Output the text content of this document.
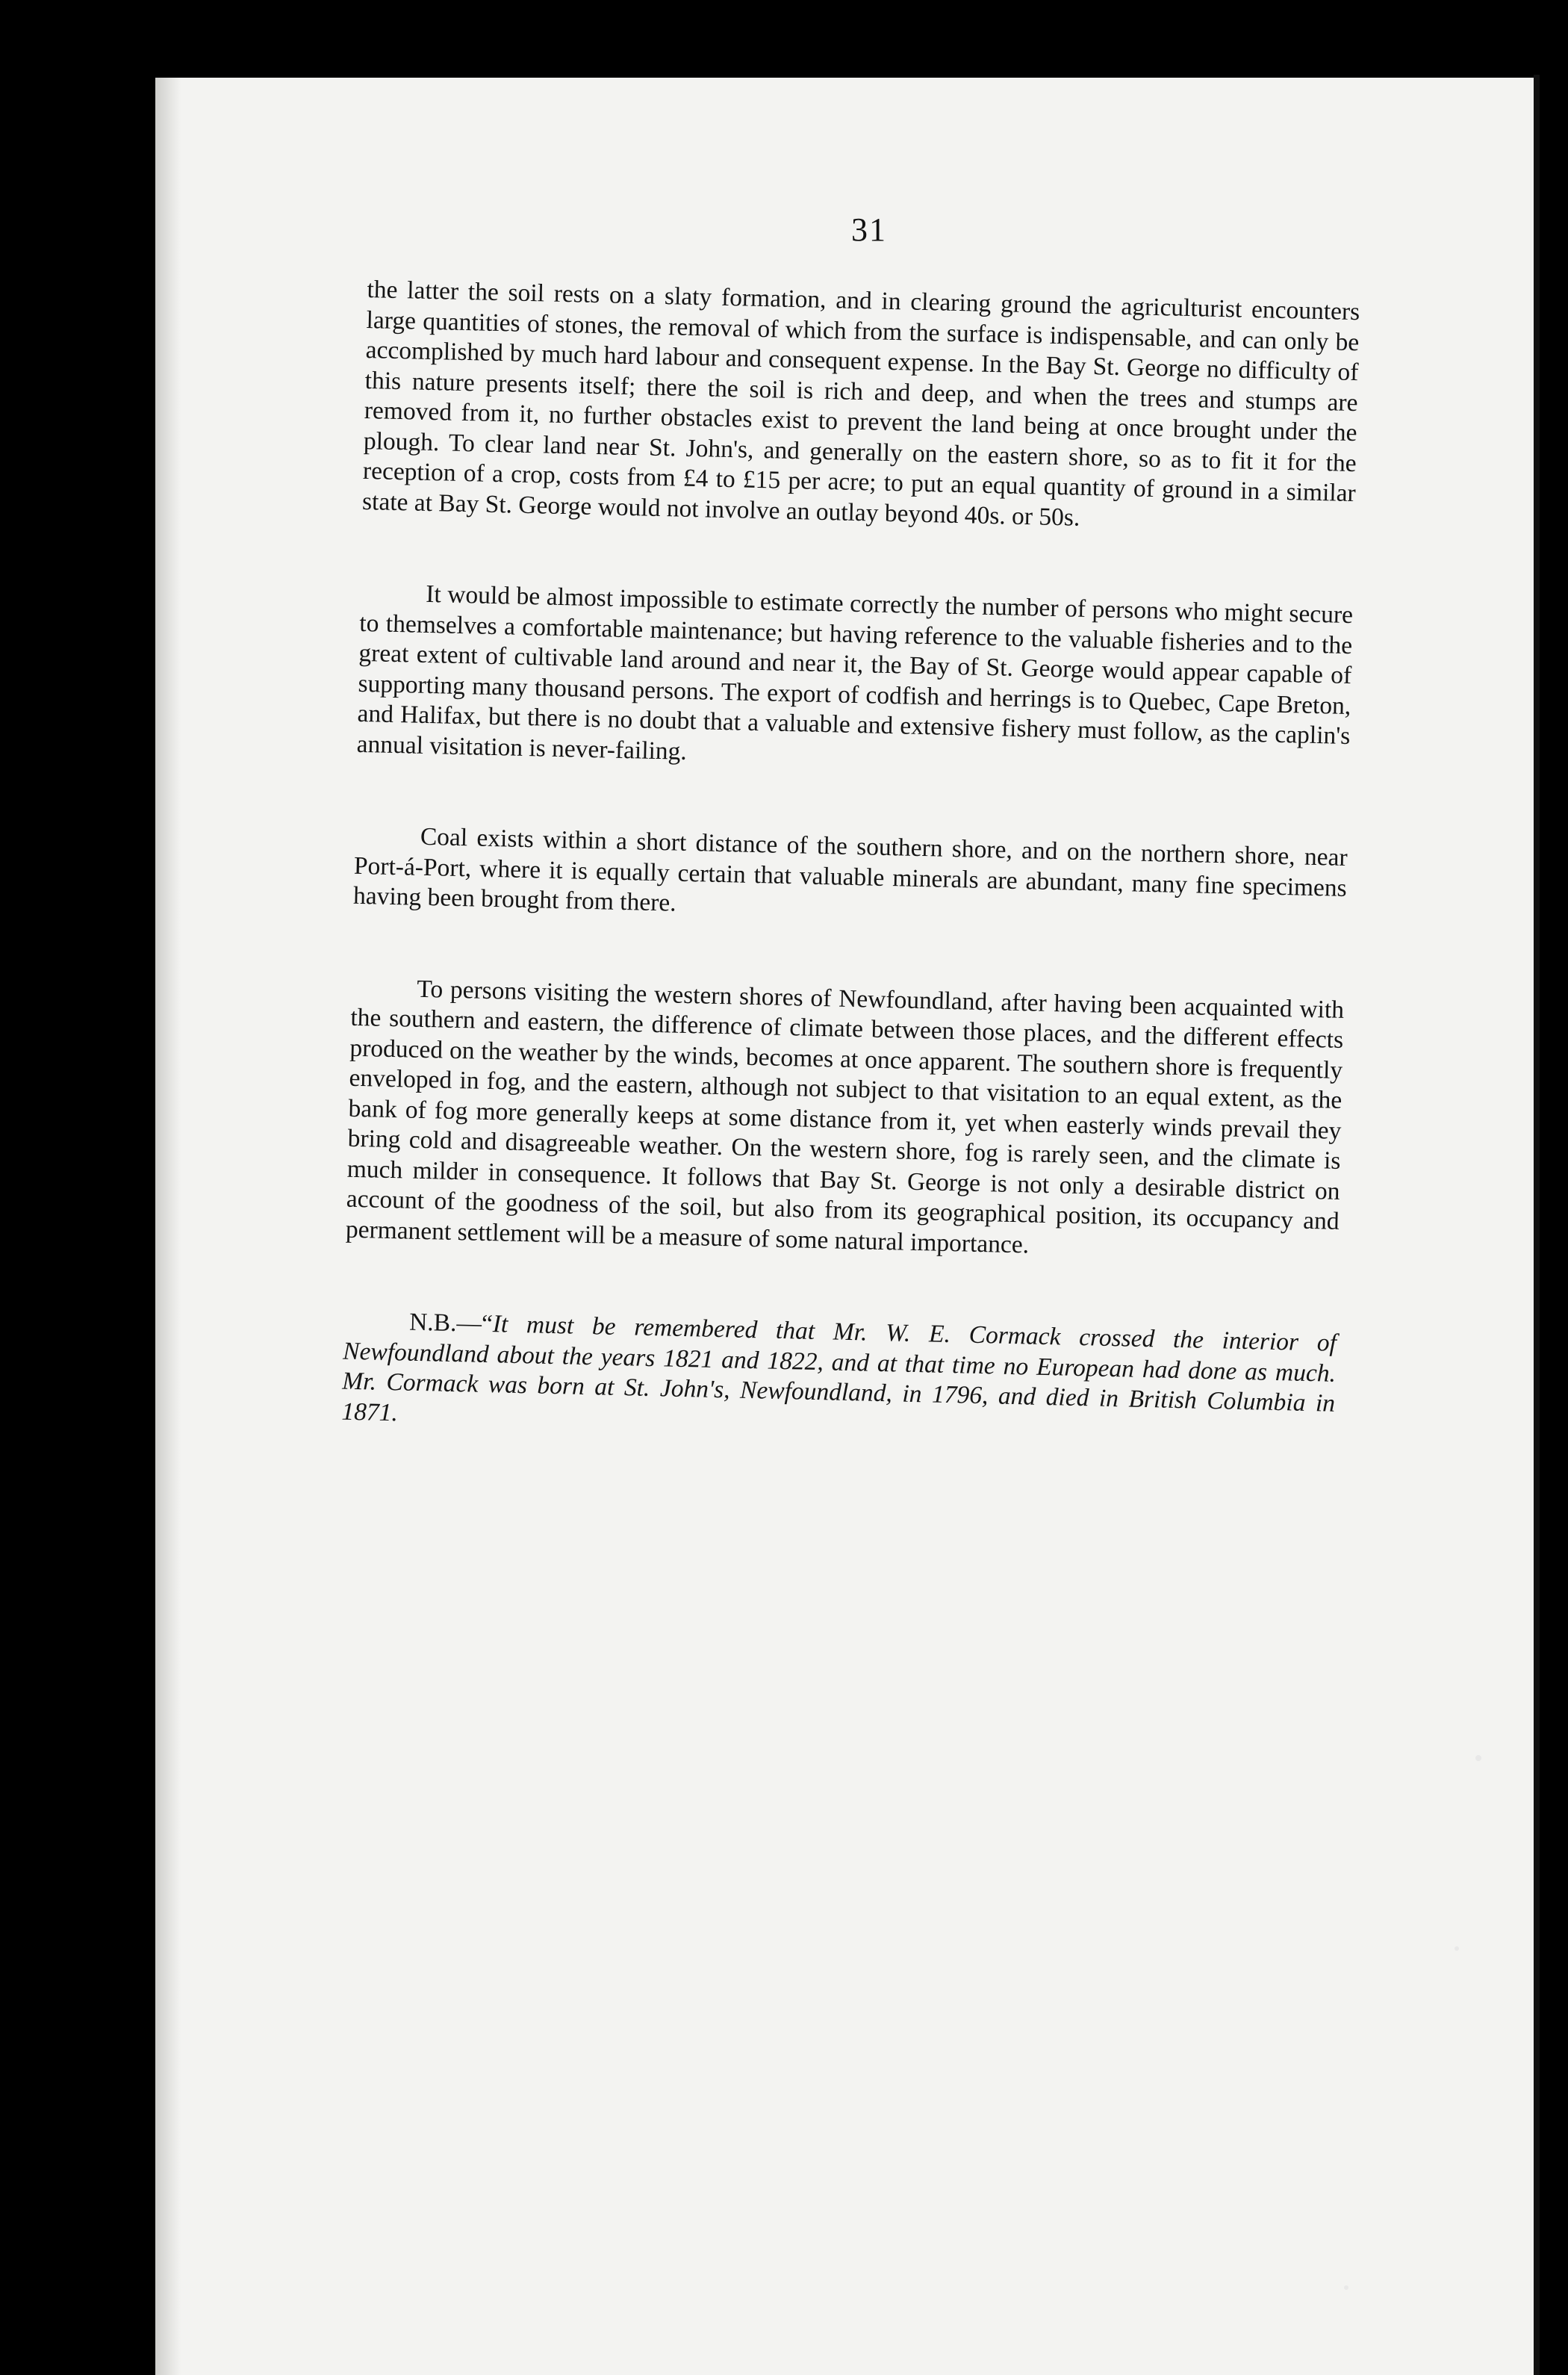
31

the latter the soil rests on a slaty formation, and in clearing ground the agriculturist encounters large quantities of stones, the removal of which from the surface is indispensable, and can only be accomplished by much hard labour and consequent expense. In the Bay St. George no difficulty of this nature presents itself; there the soil is rich and deep, and when the trees and stumps are removed from it, no further obstacles exist to prevent the land being at once brought under the plough. To clear land near St. John's, and generally on the eastern shore, so as to fit it for the reception of a crop, costs from £4 to £15 per acre; to put an equal quantity of ground in a similar state at Bay St. George would not involve an outlay beyond 40s. or 50s.

It would be almost impossible to estimate correctly the number of persons who might secure to themselves a comfortable maintenance; but having reference to the valuable fisheries and to the great extent of cultivable land around and near it, the Bay of St. George would appear capable of supporting many thousand persons. The export of codfish and herrings is to Quebec, Cape Breton, and Halifax, but there is no doubt that a valuable and extensive fishery must follow, as the caplin's annual visitation is never-failing.

Coal exists within a short distance of the southern shore, and on the northern shore, near Port-á-Port, where it is equally certain that valuable minerals are abundant, many fine specimens having been brought from there.

To persons visiting the western shores of Newfoundland, after having been acquainted with the southern and eastern, the difference of climate between those places, and the different effects produced on the weather by the winds, becomes at once apparent. The southern shore is frequently enveloped in fog, and the eastern, although not subject to that visitation to an equal extent, as the bank of fog more generally keeps at some distance from it, yet when easterly winds prevail they bring cold and disagreeable weather. On the western shore, fog is rarely seen, and the climate is much milder in consequence. It follows that Bay St. George is not only a desirable district on account of the goodness of the soil, but also from its geographical position, its occupancy and permanent settlement will be a measure of some natural importance.

N.B.—“It must be remembered that Mr. W. E. Cormack crossed the interior of Newfoundland about the years 1821 and 1822, and at that time no European had done as much. Mr. Cormack was born at St. John's, Newfoundland, in 1796, and died in British Columbia in 1871.
